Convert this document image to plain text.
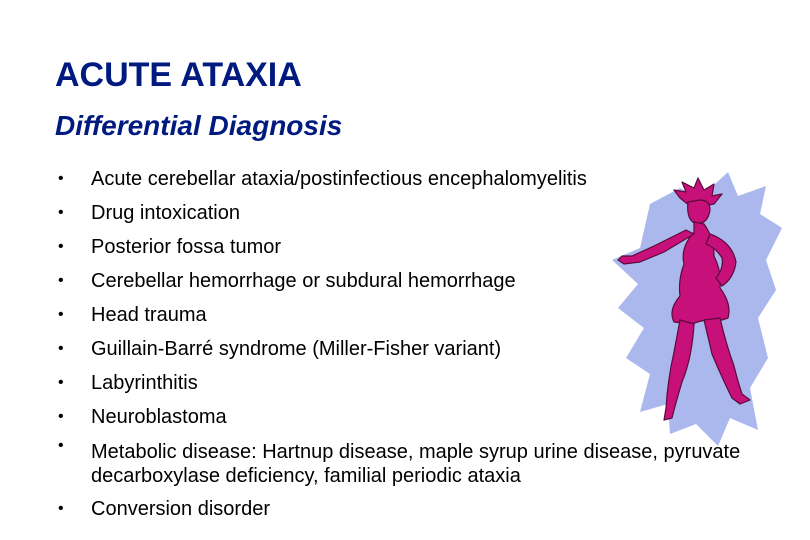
ACUTE ATAXIA
Differential Diagnosis
• Acute cerebellar ataxia/postinfectious encephalomyelitis
• Drug intoxication
• Posterior fossa tumor
• Cerebellar hemorrhage or subdural hemorrhage
• Head trauma
• Guillain-Barré syndrome (Miller-Fisher variant)
• Labyrinthitis
• Neuroblastoma
• Metabolic disease: Hartnup disease, maple syrup urine disease, pyruvate decarboxylase deficiency, familial periodic ataxia
• Conversion disorder
